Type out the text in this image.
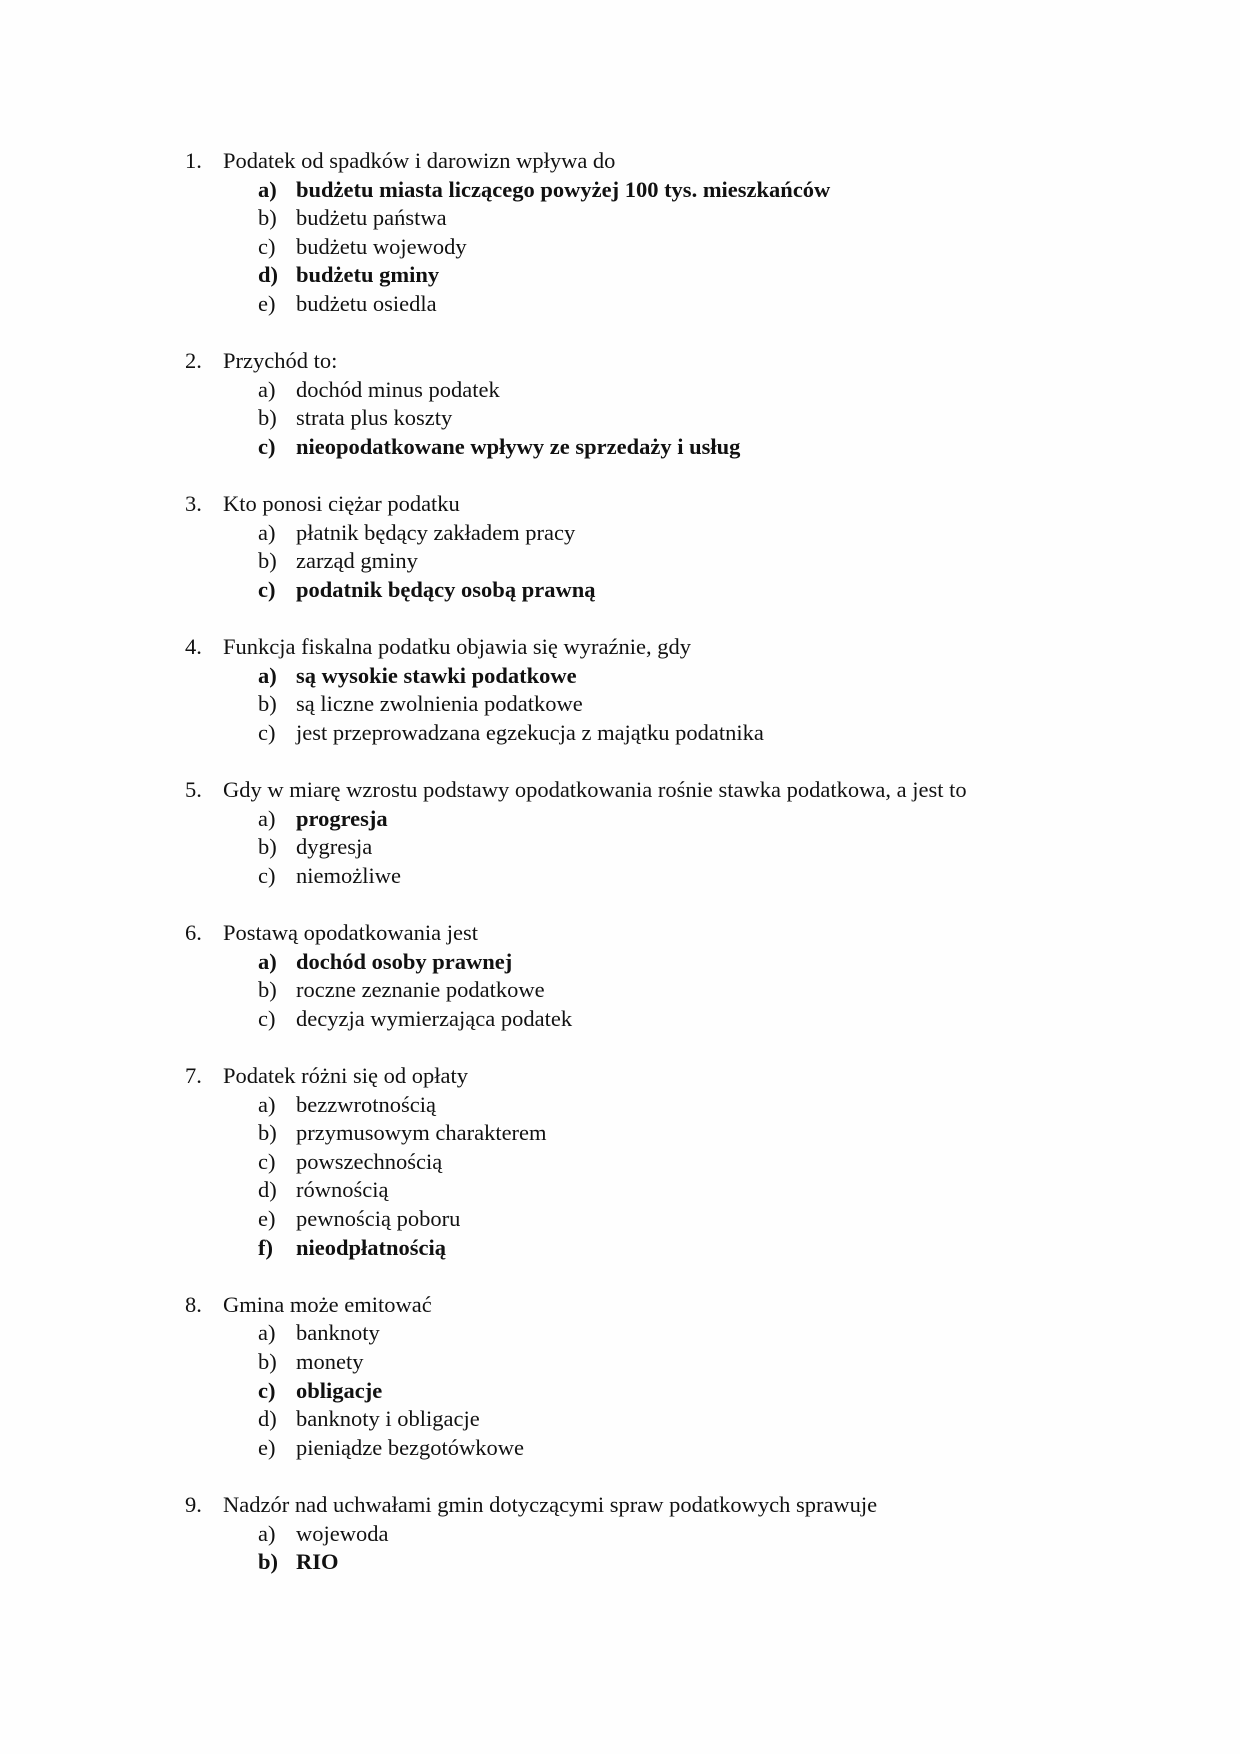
1. Podatek od spadków i darowizn wpływa do
a) budżetu miasta liczącego powyżej 100 tys. mieszkańców
b) budżetu państwa
c) budżetu wojewody
d) budżetu gminy
e) budżetu osiedla
2. Przychód to:
a) dochód minus podatek
b) strata plus koszty
c) nieopodatkowane wpływy ze sprzedaży i usług
3. Kto ponosi ciężar podatku
a) płatnik będący zakładem pracy
b) zarząd gminy
c) podatnik będący osobą prawną
4. Funkcja fiskalna podatku objawia się wyraźnie, gdy
a) są wysokie stawki podatkowe
b) są liczne zwolnienia podatkowe
c) jest przeprowadzana egzekucja z majątku podatnika
5. Gdy w miarę wzrostu podstawy opodatkowania rośnie stawka podatkowa, a jest to
a) progresja
b) dygresja
c) niemożliwe
6. Postawą opodatkowania jest
a) dochód osoby prawnej
b) roczne zeznanie podatkowe
c) decyzja wymierzająca podatek
7. Podatek różni się od opłaty
a) bezzwrotnością
b) przymusowym charakterem
c) powszechnością
d) równością
e) pewnością poboru
f)	nieodpłatnością
8. Gmina może emitować
a) banknoty
b) monety
c) obligacje
d) banknoty i obligacje
e) pieniądze bezgotówkowe
9. Nadzór nad uchwałami gmin dotyczącymi spraw podatkowych sprawuje
a) wojewoda
b) RIO
